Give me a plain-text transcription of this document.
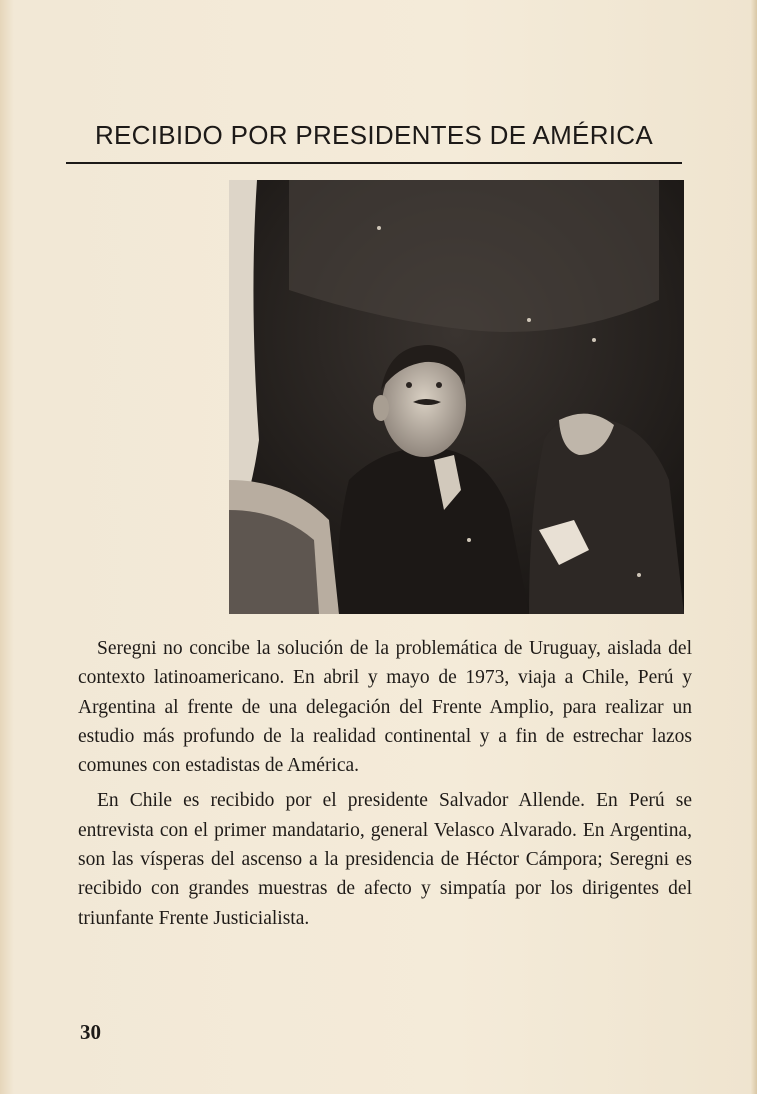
RECIBIDO POR PRESIDENTES DE AMÉRICA

Seregni no concibe la solución de la problemática de Uruguay, aislada del contexto latinoamericano. En abril y mayo de 1973, viaja a Chile, Perú y Argentina al frente de una delegación del Frente Amplio, para realizar un estudio más profundo de la realidad continental y a fin de estrechar lazos comunes con estadistas de América.

En Chile es recibido por el presidente Salvador Allende. En Perú se entrevista con el primer mandatario, general Velasco Alvarado. En Argentina, son las vísperas del ascenso a la presidencia de Héctor Cámpora; Seregni es recibido con grandes muestras de afecto y simpatía por los dirigentes del triunfante Frente Justicialista.

30
